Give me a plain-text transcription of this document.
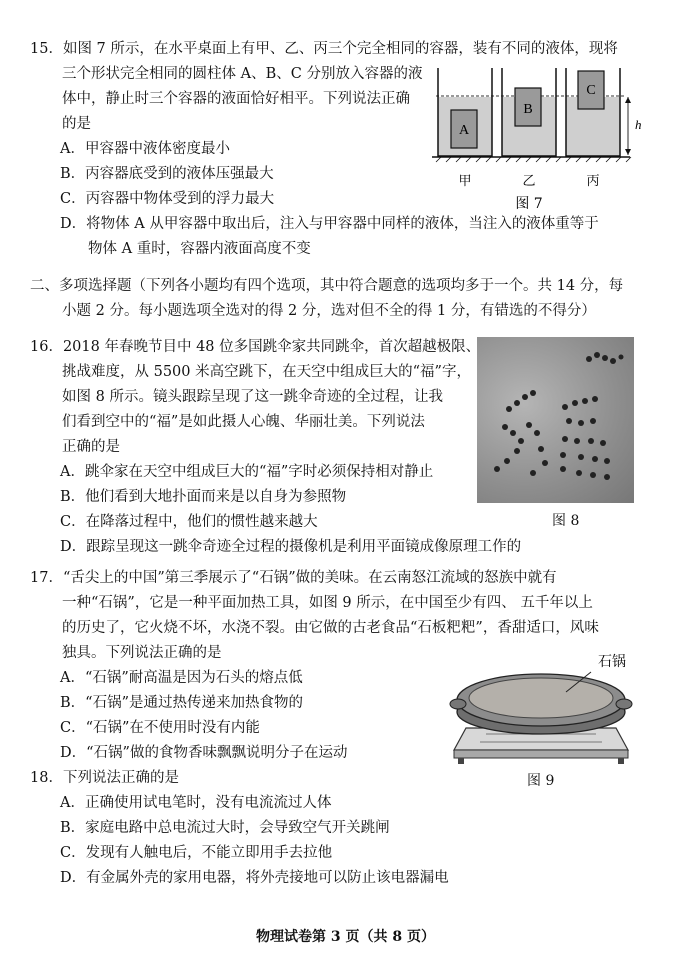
15．如图 7 所示，在水平桌面上有甲、乙、丙三个完全相同的容器，装有不同的液体，现将
三个形状完全相同的圆柱体 A、B、C 分别放入容器的液
体中，静止时三个容器的液面恰好相平。下列说法正确
的是
A．甲容器中液体密度最小
B．丙容器底受到的液体压强最大
C．丙容器中物体受到的浮力最大
D．将物体 A 从甲容器中取出后，注入与甲容器中同样的液体，当注入的液体重等于
物体 A 重时，容器内液面高度不变
A
B
C
h
甲	乙	丙
图 7
二、多项选择题（下列各小题均有四个选项，其中符合题意的选项均多于一个。共 14 分，每
小题 2 分。每小题选项全选对的得 2 分，选对但不全的得 1 分，有错选的不得分）
16．2018 年春晚节目中 48 位多国跳伞家共同跳伞，首次超越极限、
挑战难度，从 5500 米高空跳下，在天空中组成巨大的“福”字，
如图 8 所示。镜头跟踪呈现了这一跳伞奇迹的全过程，让我
们看到空中的“福”是如此摄人心魄、华丽壮美。下列说法
正确的是
A．跳伞家在天空中组成巨大的“福”字时必须保持相对静止
B．他们看到大地扑面而来是以自身为参照物
C．在降落过程中，他们的惯性越来越大
D．跟踪呈现这一跳伞奇迹全过程的摄像机是利用平面镜成像原理工作的
图 8
17．“舌尖上的中国”第三季展示了“石锅”做的美味。在云南怒江流域的怒族中就有
一种“石锅”，它是一种平面加热工具，如图 9 所示，在中国至少有四、 五千年以上
的历史了，它火烧不坏，水浇不裂。由它做的古老食品“石板粑粑”，香甜适口，风味
独具。下列说法正确的是
A．“石锅”耐高温是因为石头的熔点低
B．“石锅”是通过热传递来加热食物的
C．“石锅”在不使用时没有内能
D．“石锅”做的食物香味飘飘说明分子在运动
石锅
图 9
18．下列说法正确的是
A．正确使用试电笔时，没有电流流过人体
B．家庭电路中总电流过大时，会导致空气开关跳闸
C．发现有人触电后，不能立即用手去拉他
D．有金属外壳的家用电器，将外壳接地可以防止该电器漏电
物理试卷第 3 页（共 8 页）
